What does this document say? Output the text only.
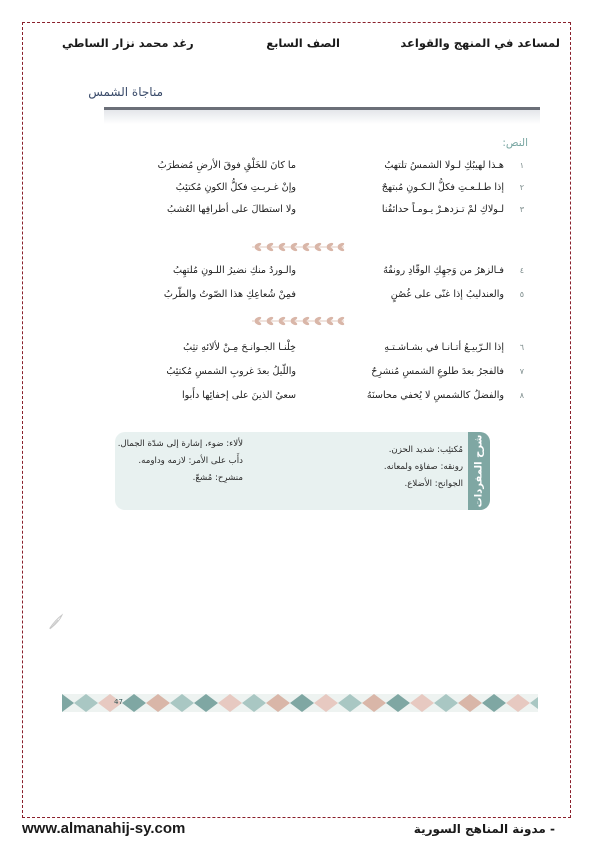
لمساعد في المنهج والقواعد
الصف السابع
رغد محمد نزار الساطي
مناجاة الشمس
النص:
١
هـذا لهيبُكِ لـولا الشمسُ تلتهبُ
ما كانَ للخَلْقِ فوقَ الأرضِ مُضطرَبُ
٢
إذا طـلـعـتِ فكلُّ الـكـونِ مُبتهجٌ
وإنْ غـربـتِ فكلُّ الكونِ مُكتئِبُ
٣
لـولاكِ لمْ تـزدهـرْ يـومـاً حدائقُنا
ولا استطالَ على أطرافِها العُشبُ
٤
فـالزهرُ من وَجهِكِ الوقّادِ رونقُهُ
والـوردُ منكِ نضيرُ اللـونِ مُلتهِبُ
٥
والعندليبُ إذا غنّى على غُصُنٍ
فمِنْ شُعاعِكِ هذا الصّوتُ والطّربُ
٦
إذا الـرّبيـعُ أتـانـا في بشـاشـتـهِ
خِلْنـا الجـوانـحَ مِـنْ لألائهِ تثِبُ
٧
فالفجرُ بعدَ طلوعِ الشمسِ مُنشرِحٌ
واللّيلُ بعدَ غروبِ الشمسِ مُكتئِبُ
٨
والفضلُ كالشمسِ لا يُخفي محاسنَهُ
سعيُ الذينَ على إخفائِها دأَبوا
شرح المفردات
مُكتئِب: شديد الحزن.
رونقه: صفاؤه ولمعانه.
الجوانح: الأضلاع.
لألاء: ضوء، إشارة إلى شدّة الجمال.
دأَب على الأمر: لازمه وداومه.
منشرِح: مُشعّ.
47
www.almanahij-sy.com	- مدونة المناهج السورية
